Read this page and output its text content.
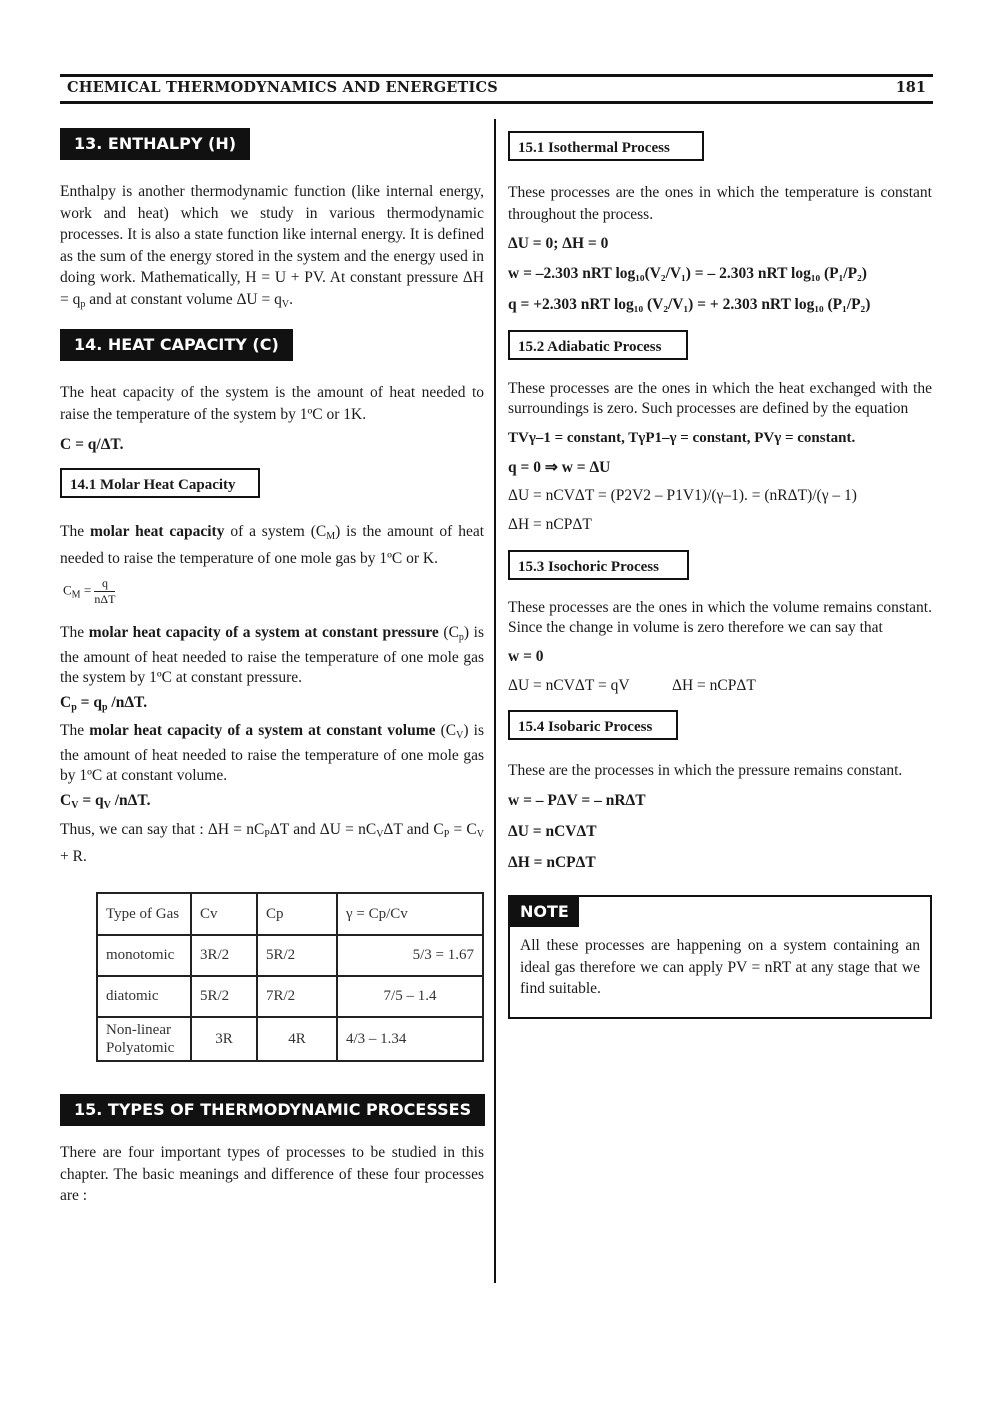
CHEMICAL THERMODYNAMICS AND ENERGETICS	181
13. ENTHALPY (H)
Enthalpy is another thermodynamic function (like internal energy, work and heat) which we study in various thermodynamic processes. It is also a state function like internal energy. It is defined as the sum of the energy stored in the system and the energy used in doing work. Mathematically, H = U + PV. At constant pressure $\Delta H = q_p$ and at constant volume $\Delta U = q_V$.
14. HEAT CAPACITY (C)
The heat capacity of the system is the amount of heat needed to raise the temperature of the system by 1ºC or 1K.
C = q/ΔT.
14.1 Molar Heat Capacity
The molar heat capacity of a system $(C_M)$ is the amount of heat needed to raise the temperature of one mole gas by 1ºC or K.
$C_M = \frac{q}{\text{nΔT}}$
The molar heat capacity of a system at constant pressure $(C_p)$ is the amount of heat needed to raise the temperature of one mole gas the system by 1ºC at constant pressure.
$C_p = q_p$ /nΔT.
The molar heat capacity of a system at constant volume $(C_V)$ is the amount of heat needed to raise the temperature of one mole gas by 1ºC at constant volume.
$C_V = q_V$ /nΔT.
Thus, we can say that : $\Delta H = nC_P\Delta T$ and $\Delta U = nC_V\Delta T$ and $C_P = C_V + R$.
Type of Gas	Cv	Cp	γ = Cp/Cv
monotomic	3R/2	5R/2	5/3 = 1.67
diatomic	5R/2	7R/2	7/5 – 1.4
Non-linear Polyatomic	3R	4R	4/3 – 1.34
15. TYPES OF THERMODYNAMIC PROCESSES
There are four important types of processes to be studied in this chapter. The basic meanings and difference of these four processes are :
15.1 Isothermal Process
These processes are the ones in which the temperature is constant throughout the process.
ΔU = 0; ΔH = 0
w = –2.303 nRT log₁₀(V₂/V₁) = – 2.303 nRT log₁₀ (P₁/P₂)
q = +2.303 nRT log₁₀ (V₂/V₁) = + 2.303 nRT log₁₀ (P₁/P₂)
15.2 Adiabatic Process
These processes are the ones in which the heat exchanged with the surroundings is zero. Such processes are defined by the equation
TVγ–1 = constant, TγP1–γ = constant, PVγ = constant.
q = 0 ⇒ w = ΔU
ΔU = nCVΔT = (P2V2 – P1V1)/(γ–1). = (nRΔT)/(γ – 1)
ΔH = nCPΔT
15.3 Isochoric Process
These processes are the ones in which the volume remains constant. Since the change in volume is zero therefore we can say that
w = 0
ΔU = nCVΔT = qV	ΔH = nCPΔT
15.4 Isobaric Process
These are the processes in which the pressure remains constant.
w = – PΔV = – nRΔT
ΔU = nCVΔT
ΔH = nCPΔT
NOTE
All these processes are happening on a system containing an ideal gas therefore we can apply PV = nRT at any stage that we find suitable.
